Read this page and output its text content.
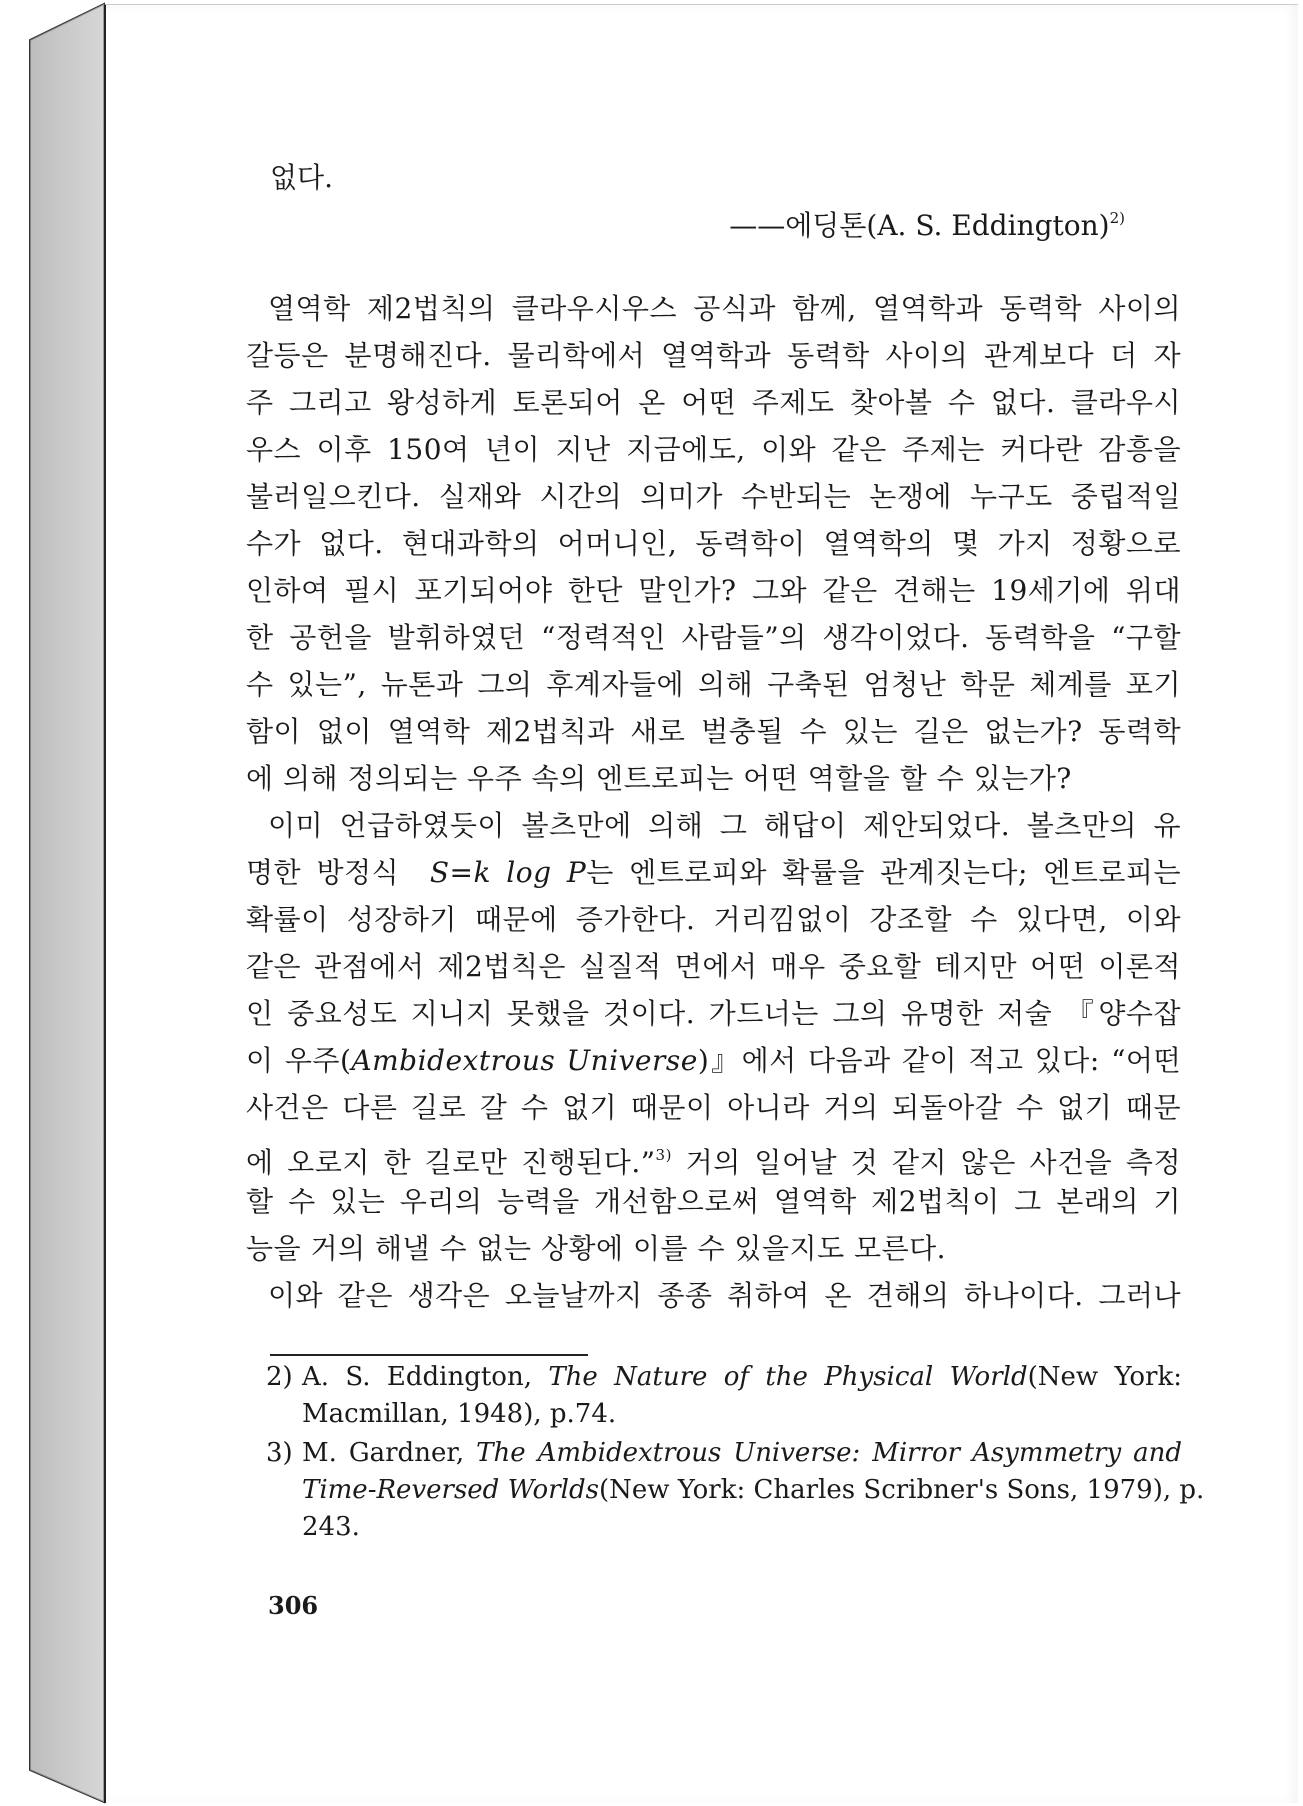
없다.
——에딩톤(A. S. Eddington)$^{2)}$
열역학 제2법칙의 클라우시우스 공식과 함께, 열역학과 동력학 사이의
갈등은 분명해진다. 물리학에서 열역학과 동력학 사이의 관계보다 더 자
주 그리고 왕성하게 토론되어 온 어떤 주제도 찾아볼 수 없다. 클라우시
우스 이후 150여 년이 지난 지금에도, 이와 같은 주제는 커다란 감흥을
불러일으킨다. 실재와 시간의 의미가 수반되는 논쟁에 누구도 중립적일
수가 없다. 현대과학의 어머니인, 동력학이 열역학의 몇 가지 정황으로
인하여 필시 포기되어야 한단 말인가? 그와 같은 견해는 19세기에 위대
한 공헌을 발휘하였던 “정력적인 사람들”의 생각이었다. 동력학을 “구할
수 있는”, 뉴톤과 그의 후계자들에 의해 구축된 엄청난 학문 체계를 포기
함이 없이 열역학 제2법칙과 새로 벌충될 수 있는 길은 없는가? 동력학
에 의해 정의되는 우주 속의 엔트로피는 어떤 역할을 할 수 있는가?
이미 언급하였듯이 볼츠만에 의해 그 해답이 제안되었다. 볼츠만의 유
명한 방정식 S=k log P는 엔트로피와 확률을 관계짓는다; 엔트로피는
확률이 성장하기 때문에 증가한다. 거리낌없이 강조할 수 있다면, 이와
같은 관점에서 제2법칙은 실질적 면에서 매우 중요할 테지만 어떤 이론적
인 중요성도 지니지 못했을 것이다. 가드너는 그의 유명한 저술 『양수잡
이 우주(Ambidextrous Universe)』에서 다음과 같이 적고 있다: “어떤
사건은 다른 길로 갈 수 없기 때문이 아니라 거의 되돌아갈 수 없기 때문
에 오로지 한 길로만 진행된다.”$^{3)}$ 거의 일어날 것 같지 않은 사건을 측정
할 수 있는 우리의 능력을 개선함으로써 열역학 제2법칙이 그 본래의 기
능을 거의 해낼 수 없는 상황에 이를 수 있을지도 모른다.
이와 같은 생각은 오늘날까지 종종 취하여 온 견해의 하나이다. 그러나
2) A. S. Eddington, The Nature of the Physical World(New York:
Macmillan, 1948), p.74.
3) M. Gardner, The Ambidextrous Universe: Mirror Asymmetry and
Time-Reversed Worlds(New York: Charles Scribner's Sons, 1979), p.
243.
306
